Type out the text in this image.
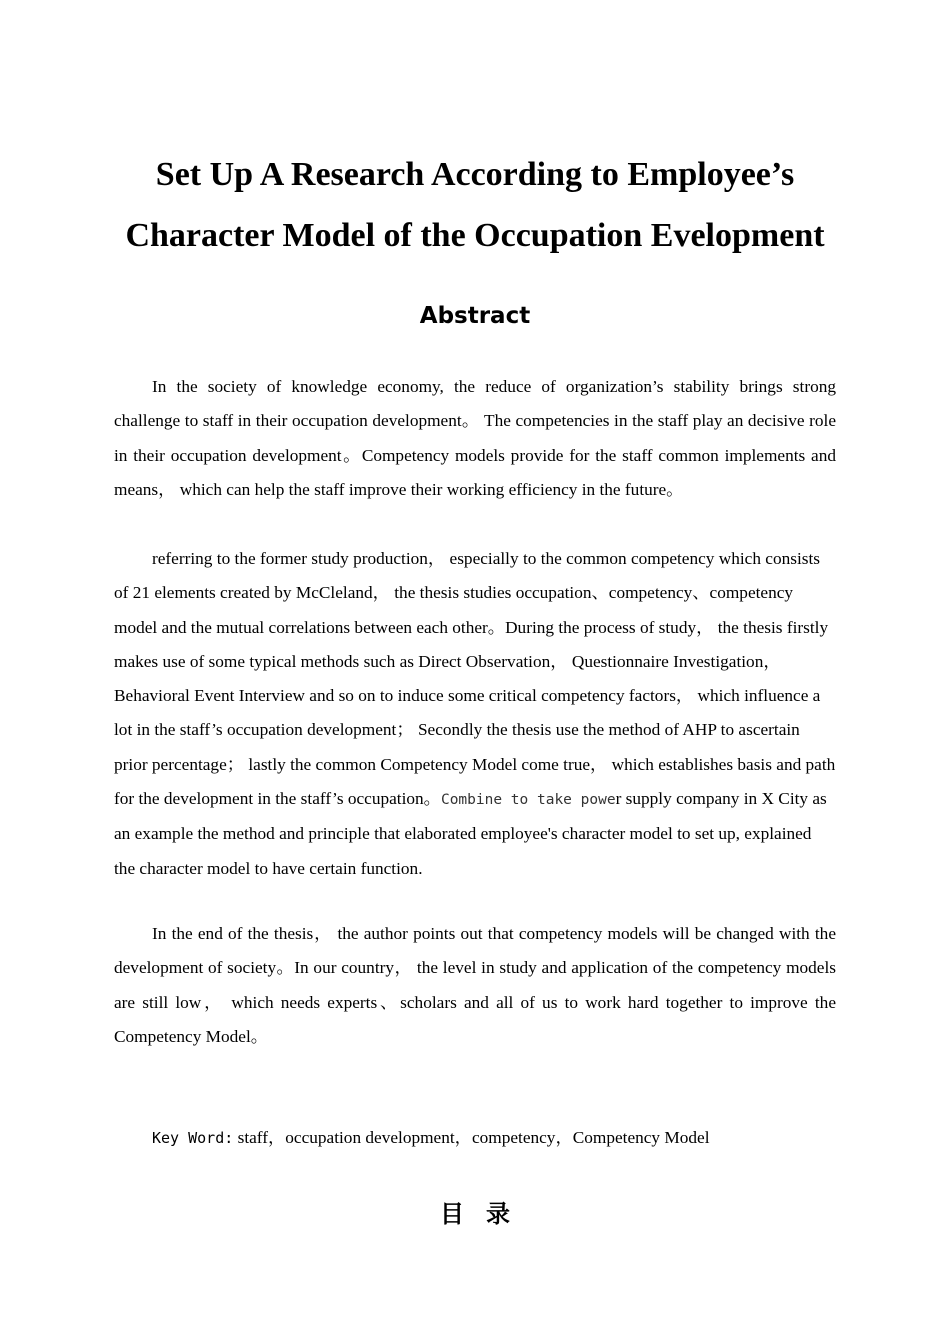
Set Up A Research According to Employee’s
Character Model of the Occupation Evelopment
Abstract

In the society of knowledge economy, the reduce of organization’s stability brings strong challenge to staff in their occupation development。 The competencies in the staff play an decisive role in their occupation development。Competency models provide for the staff common implements and means， which can help the staff improve their working efficiency in the future。

referring to the former study production， especially to the common competency which consists of 21 elements created by McCleland， the thesis studies occupation、competency、competency model and the mutual correlations between each other。During the process of study， the thesis firstly makes use of some typical methods such as Direct Observation， Questionnaire Investigation， Behavioral Event Interview and so on to induce some critical competency factors， which influence a lot in the staff’s occupation development； Secondly the thesis use the method of AHP to ascertain prior percentage； lastly the common Competency Model come true， which establishes basis and path for the development in the staff’s occupation。Combine to take power supply company in X City as an example the method and principle that elaborated employee's character model to set up, explained the character model to have certain function.

In the end of the thesis， the author points out that competency models will be changed with the development of society。In our country， the level in study and application of the competency models are still low， which needs experts、scholars and all of us to work hard together to improve the Competency Model。

Key Word: staff，occupation development，competency，Competency Model

目录
